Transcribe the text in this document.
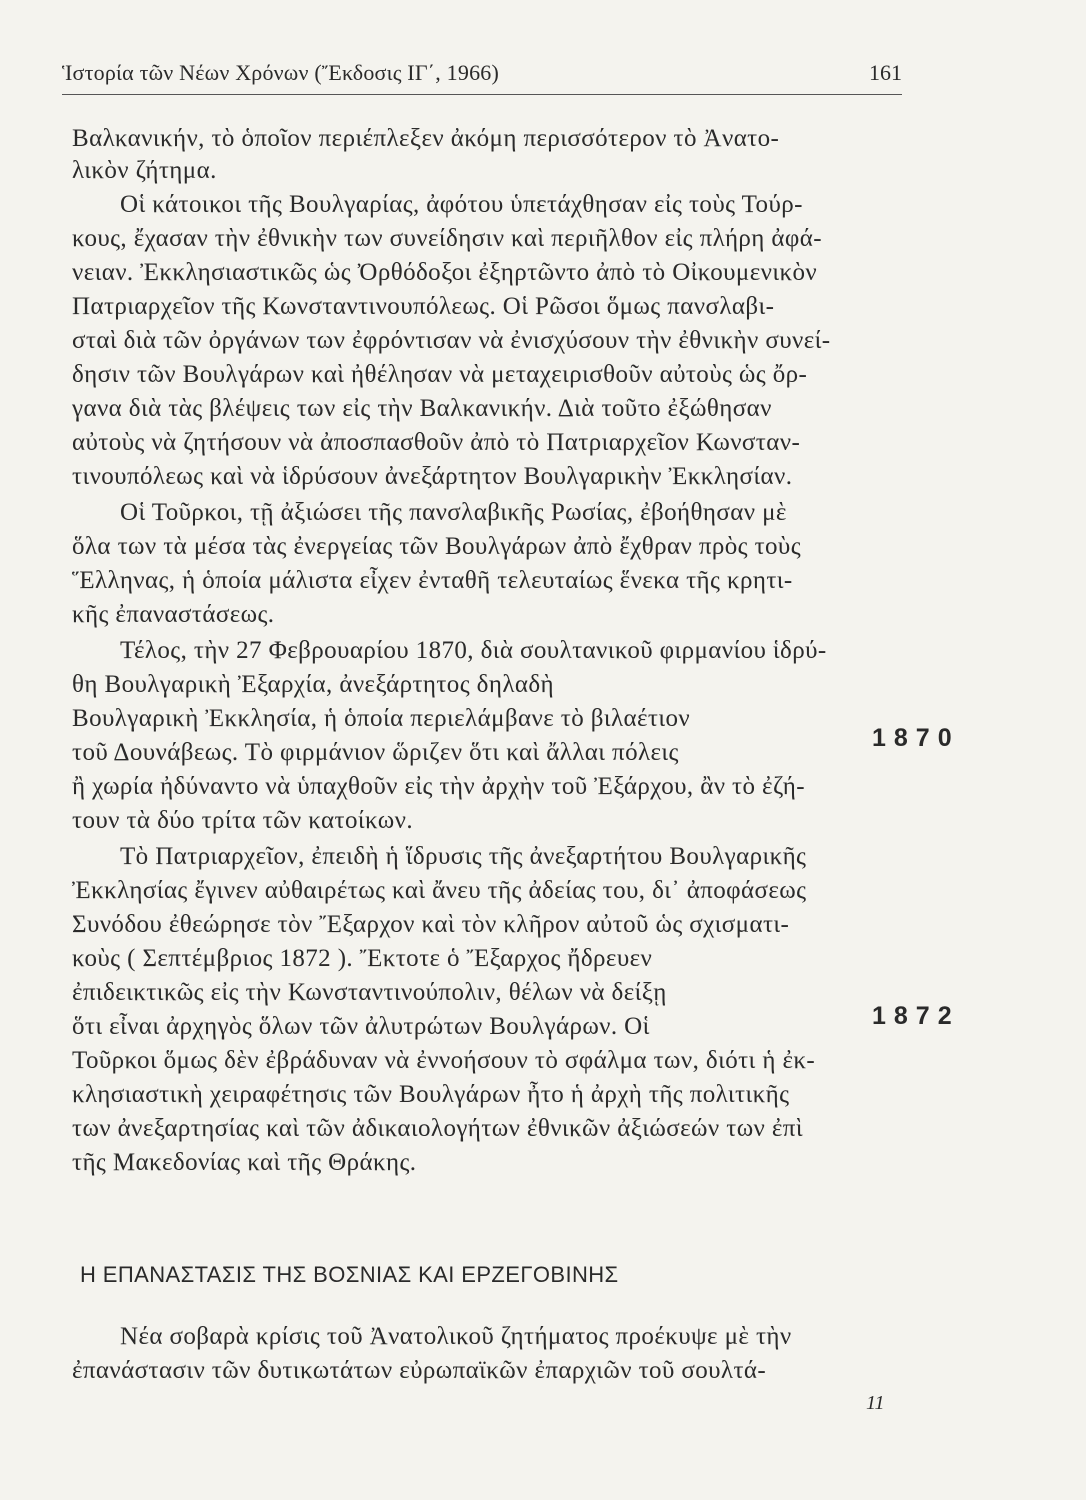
Ἱστορία τῶν Νέων Χρόνων (Ἔκδοσις ΙΓ΄, 1966)	161
Βαλκανικήν, τὸ ὁποῖον περιέπλεξεν ἀκόμη περισσότερον τὸ Ἀνατο-
λικὸν ζήτημα.
Οἱ κάτοικοι τῆς Βουλγαρίας, ἀφότου ὑπετάχθησαν εἰς τοὺς Τούρ-
κους, ἔχασαν τὴν ἐθνικὴν των συνείδησιν καὶ περιῆλθον εἰς πλήρη ἀφά-
νειαν. Ἐκκλησιαστικῶς ὡς Ὀρθόδοξοι ἐξηρτῶντο ἀπὸ τὸ Οἰκουμενικὸν
Πατριαρχεῖον τῆς Κωνσταντινουπόλεως. Οἱ Ρῶσοι ὅμως πανσλαβι-
σταὶ διὰ τῶν ὀργάνων των ἐφρόντισαν νὰ ἐνισχύσουν τὴν ἐθνικὴν συνεί-
δησιν τῶν Βουλγάρων καὶ ἠθέλησαν νὰ μεταχειρισθοῦν αὐτοὺς ὡς ὄρ-
γανα διὰ τὰς βλέψεις των εἰς τὴν Βαλκανικήν. Διὰ τοῦτο ἐξώθησαν
αὐτοὺς νὰ ζητήσουν νὰ ἀποσπασθοῦν ἀπὸ τὸ Πατριαρχεῖον Κωνσταν-
τινουπόλεως καὶ νὰ ἱδρύσουν ἀνεξάρτητον Βουλγαρικὴν Ἐκκλησίαν.
Οἱ Τοῦρκοι, τῇ ἀξιώσει τῆς πανσλαβικῆς Ρωσίας, ἐβοήθησαν μὲ
ὅλα των τὰ μέσα τὰς ἐνεργείας τῶν Βουλγάρων ἀπὸ ἔχθραν πρὸς τοὺς
Ἕλληνας, ἡ ὁποία μάλιστα εἶχεν ἐνταθῆ τελευταίως ἕνεκα τῆς κρητι-
κῆς ἐπαναστάσεως.
Τέλος, τὴν 27 Φεβρουαρίου 1870, διὰ σουλτανικοῦ φιρμανίου ἱδρύ-
θη Βουλγαρικὴ Ἐξαρχία, ἀνεξάρτητος δηλαδὴ
Βουλγαρικὴ Ἐκκλησία, ἡ ὁποία περιελάμβανε τὸ βιλαέτιον
τοῦ Δουνάβεως. Τὸ φιρμάνιον ὥριζεν ὅτι καὶ ἄλλαι πόλεις
ἢ χωρία ἠδύναντο νὰ ὑπαχθοῦν εἰς τὴν ἀρχὴν τοῦ Ἐξάρχου, ἂν τὸ ἐζή-
τουν τὰ δύο τρίτα τῶν κατοίκων.
Τὸ Πατριαρχεῖον, ἐπειδὴ ἡ ἵδρυσις τῆς ἀνεξαρτήτου Βουλγαρικῆς
Ἐκκλησίας ἔγινεν αὐθαιρέτως καὶ ἄνευ τῆς ἀδείας του, δι᾽ ἀποφάσεως
Συνόδου ἐθεώρησε τὸν Ἔξαρχον καὶ τὸν κλῆρον αὐτοῦ ὡς σχισματι-
κοὺς ( Σεπτέμβριος 1872 ). Ἔκτοτε ὁ Ἔξαρχος ἤδρευεν
ἐπιδεικτικῶς εἰς τὴν Κωνσταντινούπολιν, θέλων νὰ δείξῃ
ὅτι εἶναι ἀρχηγὸς ὅλων τῶν ἀλυτρώτων Βουλγάρων. Οἱ
Τοῦρκοι ὅμως δὲν ἐβράδυναν νὰ ἐννοήσουν τὸ σφάλμα των, διότι ἡ ἐκ-
κλησιαστικὴ χειραφέτησις τῶν Βουλγάρων ἦτο ἡ ἀρχὴ τῆς πολιτικῆς
των ἀνεξαρτησίας καὶ τῶν ἀδικαιολογήτων ἐθνικῶν ἀξιώσεών των ἐπὶ
τῆς Μακεδονίας καὶ τῆς Θράκης.
1870
1872
Η ΕΠΑΝΑΣΤΑΣΙΣ ΤΗΣ ΒΟΣΝΙΑΣ ΚΑΙ ΕΡΖΕΓΟΒΙΝΗΣ
Νέα σοβαρὰ κρίσις τοῦ Ἀνατολικοῦ ζητήματος προέκυψε μὲ τὴν
ἐπανάστασιν τῶν δυτικωτάτων εὐρωπαϊκῶν ἐπαρχιῶν τοῦ σουλτά-
11
